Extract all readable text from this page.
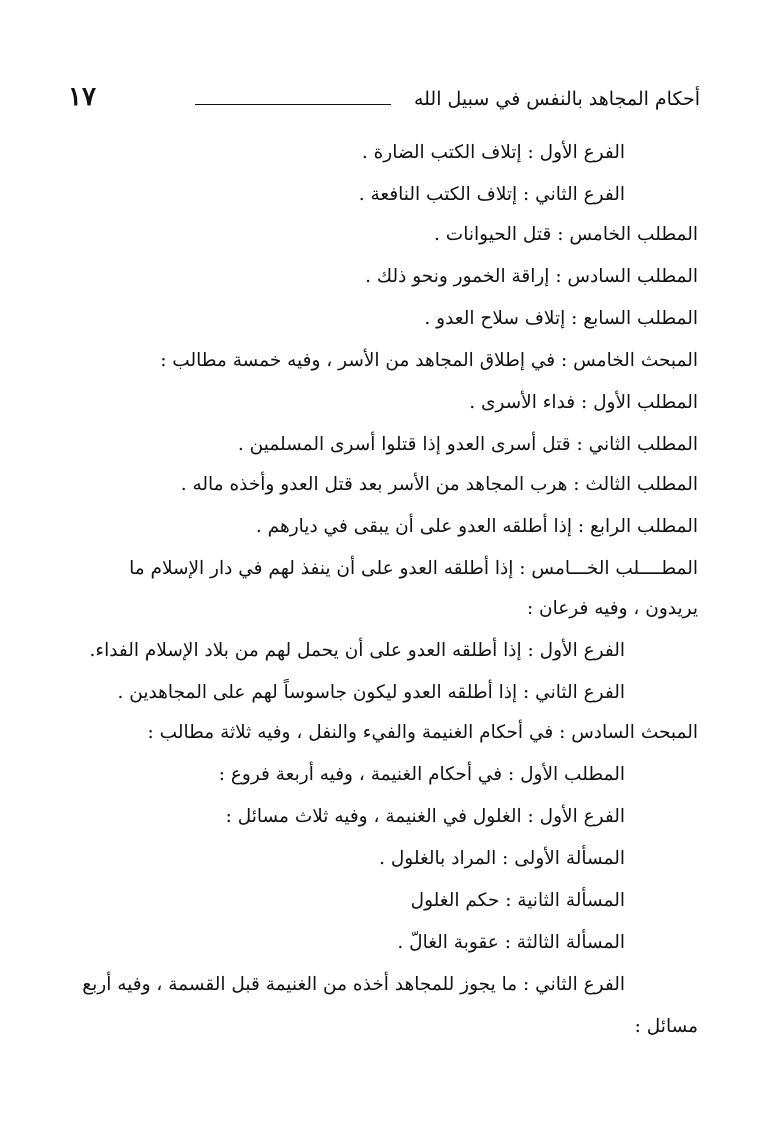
١٧	أحكام المجاهد بالنفس في سبيل الله
الفرع الأول : إتلاف الكتب الضارة .
الفرع الثاني : إتلاف الكتب النافعة .
المطلب الخامس : قتل الحيوانات .
المطلب السادس : إراقة الخمور ونحو ذلك .
المطلب السابع : إتلاف سلاح العدو .
المبحث الخامس : في إطلاق المجاهد من الأسر ، وفيه خمسة مطالب :
المطلب الأول : فداء الأسرى .
المطلب الثاني : قتل أسرى العدو إذا قتلوا أسرى المسلمين .
المطلب الثالث : هرب المجاهد من الأسر بعد قتل العدو وأخذه ماله .
المطلب الرابع : إذا أطلقه العدو على أن يبقى في ديارهم .
المطــــلب الخـــامس : إذا أطلقه العدو على أن ينفذ لهم في دار الإسلام ما
يريدون ، وفيه فرعان :
الفرع الأول : إذا أطلقه العدو على أن يحمل لهم من بلاد الإسلام الفداء.
الفرع الثاني : إذا أطلقه العدو ليكون جاسوساً لهم على المجاهدين .
المبحث السادس : في أحكام الغنيمة والفيء والنفل ، وفيه ثلاثة مطالب :
المطلب الأول : في أحكام الغنيمة ، وفيه أربعة فروع :
الفرع الأول : الغلول في الغنيمة ، وفيه ثلاث مسائل :
المسألة الأولى : المراد بالغلول .
المسألة الثانية : حكم الغلول
المسألة الثالثة : عقوبة الغالّ .
الفرع الثاني : ما يجوز للمجاهد أخذه من الغنيمة قبل القسمة ، وفيه أربع
مسائل :
